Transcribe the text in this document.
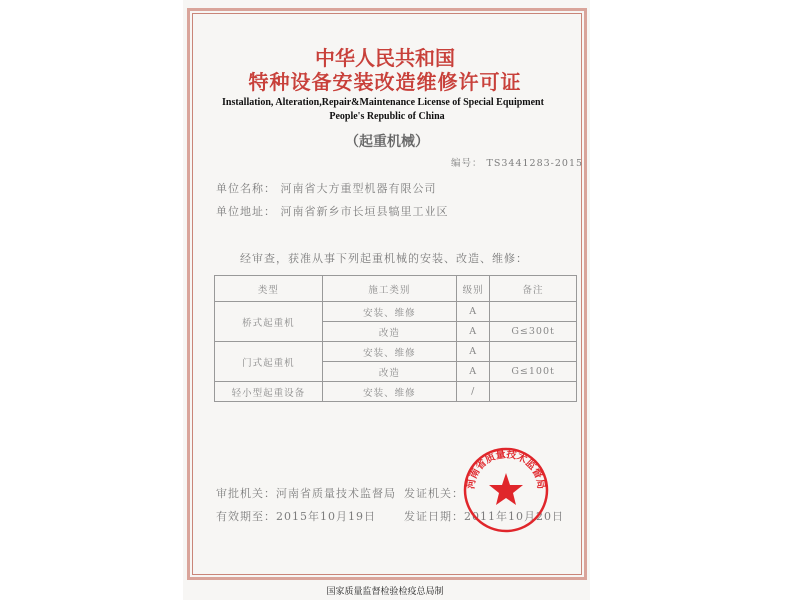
中华人民共和国
特种设备安装改造维修许可证
Installation, Alteration,Repair&Maintenance License of Special Equipment
People's Republic of China
（起重机械）
编号： TS3441283-2015
单位名称： 河南省大方重型机器有限公司
单位地址： 河南省新乡市长垣县犒里工业区
经审查，获准从事下列起重机械的安装、改造、维修：
类型	施工类别	级别	备注
桥式起重机	安装、维修	A	
	改造	A	G≤300t
门式起重机	安装、维修	A	
	改造	A	G≤100t
轻小型起重设备	安装、维修	/	
审批机关：河南省质量技术监督局 发证机关：
有效期至：2015年10月19日	发证日期：2011年10月20日
河南省质量技术监督局
国家质量监督检验检疫总局制
